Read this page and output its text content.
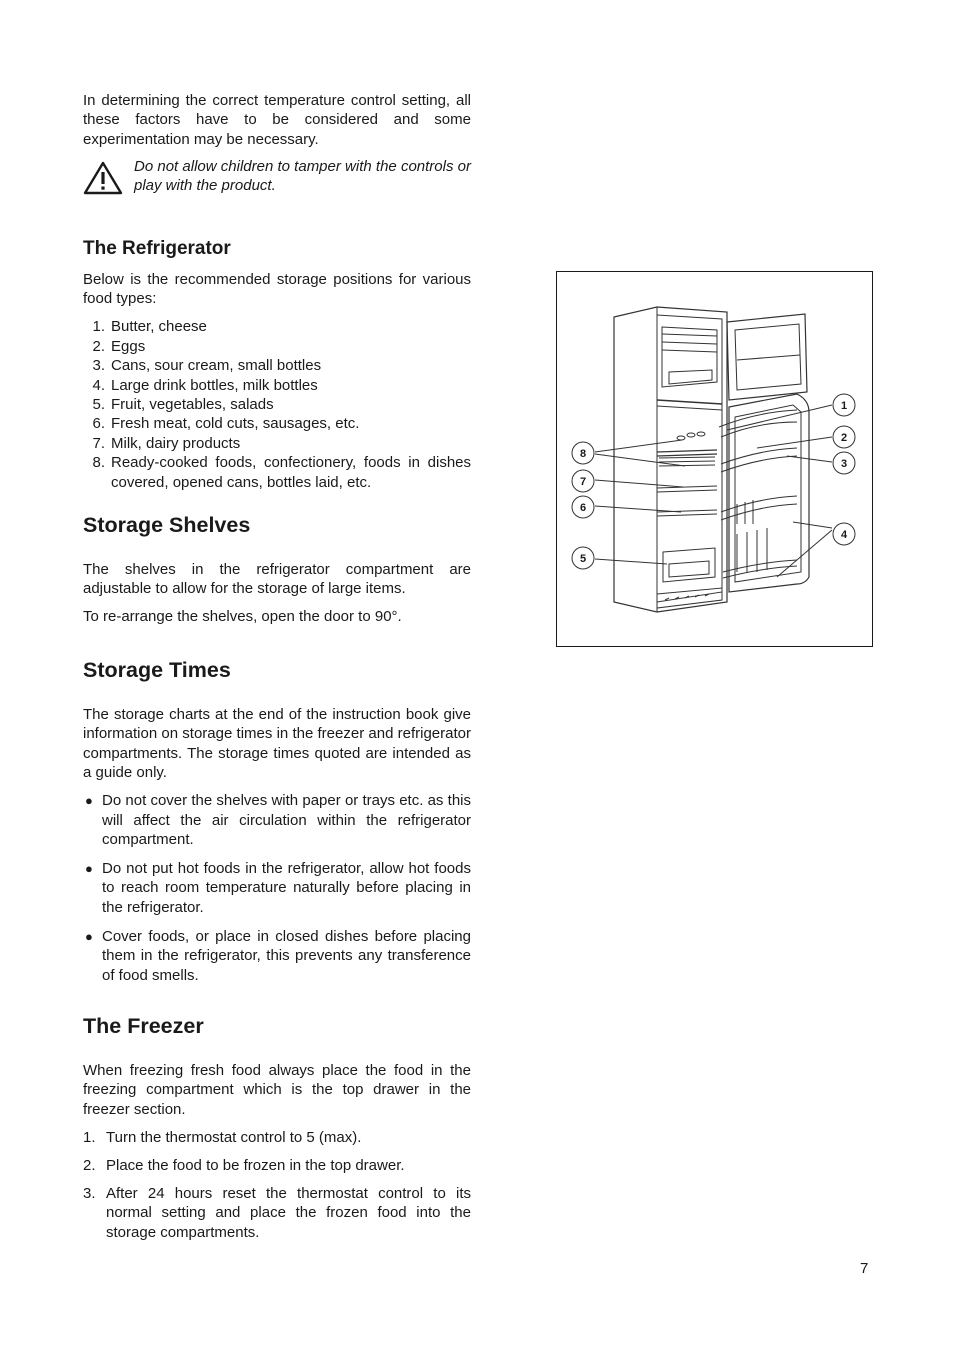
In determining the correct temperature control setting, all these factors have to be considered and some experimentation may be necessary.

Do not allow children to tamper with the controls or play with the product.

The Refrigerator

Below is the recommended storage positions for various food types:

1. Butter, cheese
2. Eggs
3. Cans, sour cream, small bottles
4. Large drink bottles, milk bottles
5. Fruit, vegetables, salads
6. Fresh meat, cold cuts, sausages, etc.
7. Milk, dairy products
8. Ready-cooked foods, confectionery, foods in dishes covered, opened cans, bottles laid, etc.
Storage Shelves

The shelves in the refrigerator compartment are adjustable to allow for the storage of large items.

To re-arrange the shelves, open the door to 90°.

Storage Times

The storage charts at the end of the instruction book give information on storage times in the freezer and refrigerator compartments. The storage times quoted are intended as a guide only.

● Do not cover the shelves with paper or trays etc. as this will affect the air circulation within the refrigerator compartment.
● Do not put hot foods in the refrigerator, allow hot foods to reach room temperature naturally before placing in the refrigerator.
● Cover foods, or place in closed dishes before placing them in the refrigerator, this prevents any transference of food smells.
The Freezer

When freezing fresh food always place the food in the freezing compartment which is the top drawer in the freezer section.

1. Turn the thermostat control to 5 (max).
2. Place the food to be frozen in the top drawer.
3. After 24 hours reset the thermostat control to its normal setting and place the frozen food into the storage compartments.
1
2
3
4
5
6
7
8
7
